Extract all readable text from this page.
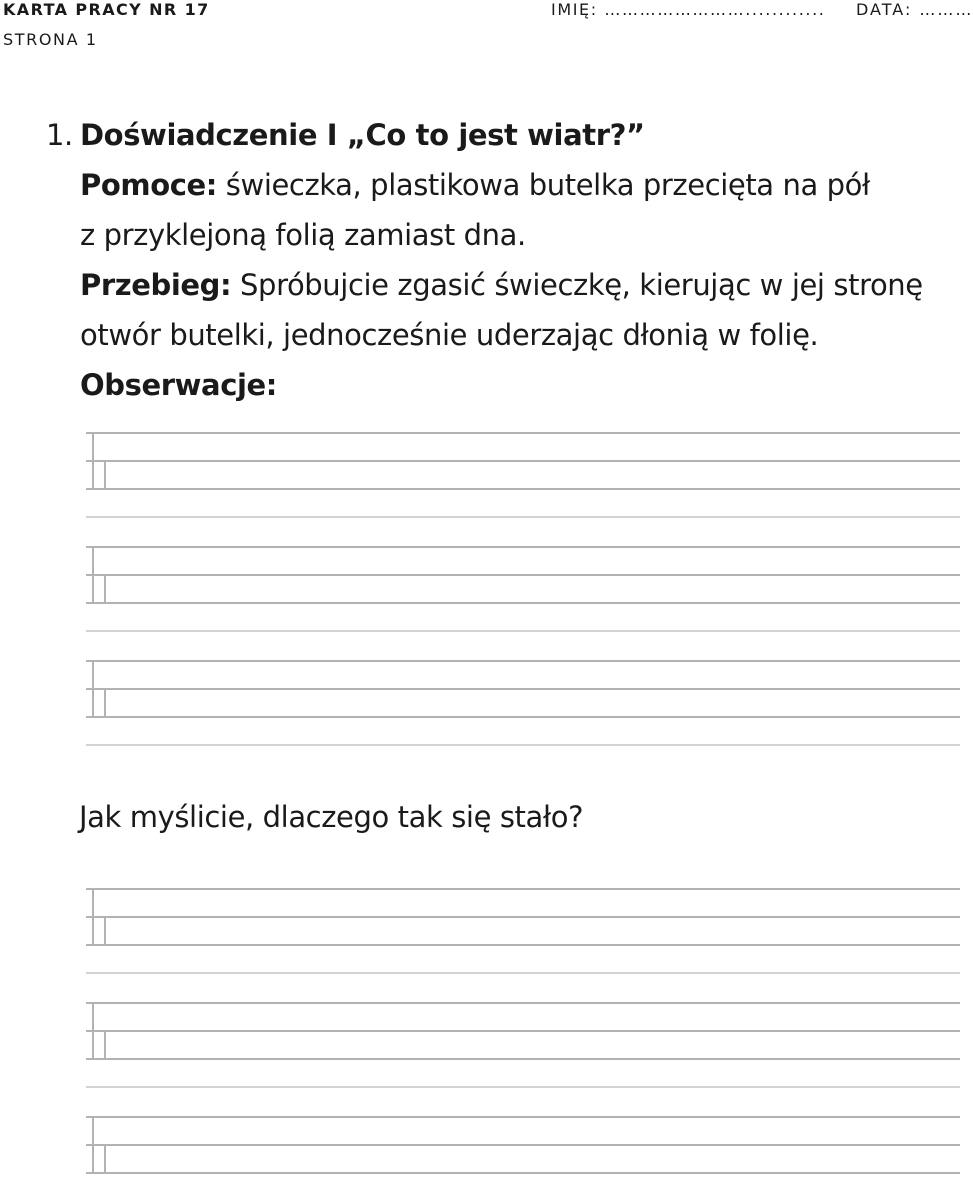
KARTA PRACY NR 17
STRONA 1
IMIĘ: ……………………............ DATA: ………
1. Doświadczenie I „Co to jest wiatr?”

Pomoce: świeczka, plastikowa butelka przecięta na pół

z przyklejoną folią zamiast dna.

Przebieg: Spróbujcie zgasić świeczkę, kierując w jej stronę

otwór butelki, jednocześnie uderzając dłonią w folię.

Obserwacje:

Jak myślicie, dlaczego tak się stało?
